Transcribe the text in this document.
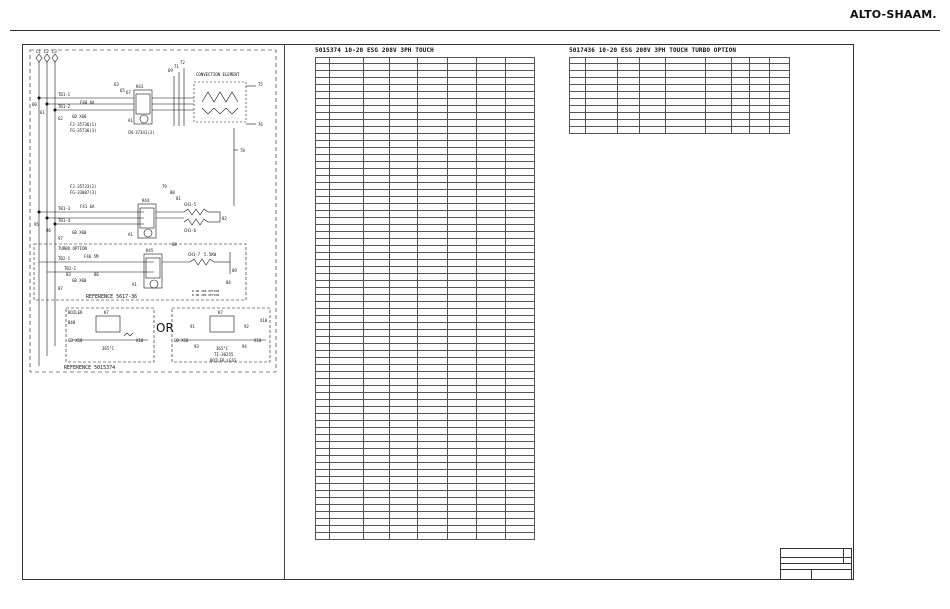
ALTO-SHAAM.
L1 L2 L3
CONVECTION ELEMENT
F40 6A
TB1-1
TB1-2
K43
FJ-35736(1)
FG-35736(3)	CN-37341(3)
GB X60
A1
60
61
62
63
65 67
69
71
72
75
76
78
FJ-35733(2)
FG-33007(3)
F41 6A
TB1-3
TB1-4
K44
CH1-5
CH1-6
GB X60	A1
79
80
81
82
95
96
97
TURBO OPTION
TB2-1
TB2-1
F46 5M
K45
CH1-7 5.5KW
GB X60
A1
# ON 208 OPTION
# ON 480 OPTION
REFERENCE 5617-36
88
89
84
83	86
87
BOILER	K7
365°C
GB X10	X10
B40	OR
K7
365°C
TI-36255
BOILER-LESS
GB X10	X10
X10
91	92
93	94
REFERENCE 5015374
5015374 10-20 ESG 208V 3PH TOUCH

								5017436 10-20 ESG 208V 3PH TOUCH TURBO OPTION
